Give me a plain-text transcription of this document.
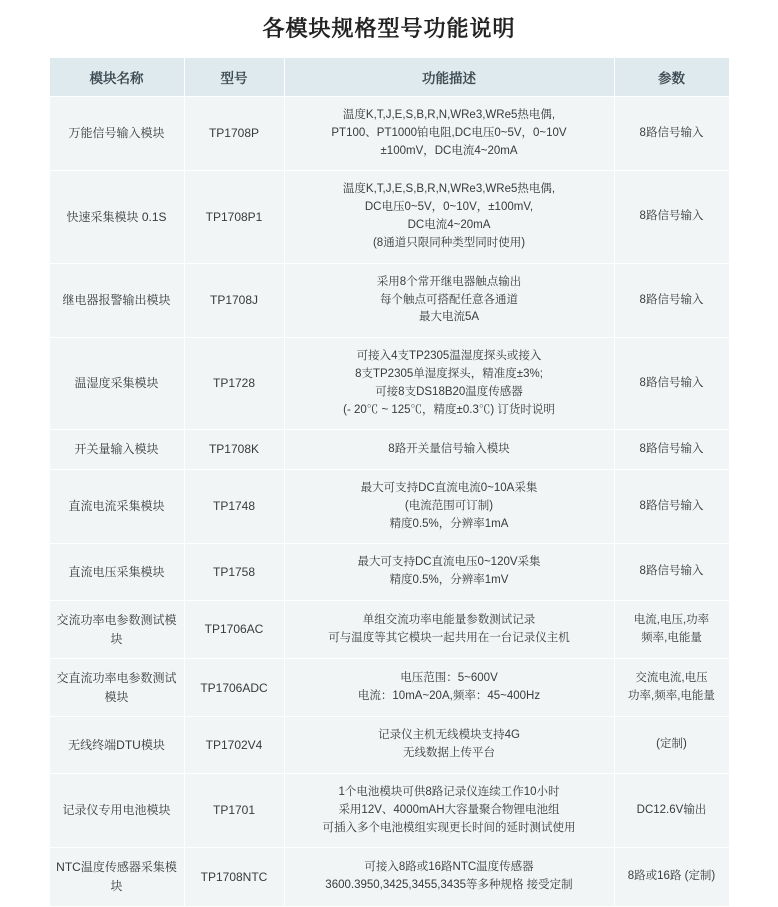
各模块规格型号功能说明
模块名称	型号	功能描述	参数
万能信号输入模块	TP1708P	温度K,T,J,E,S,B,R,N,WRe3,WRe5热电偶,
PT100、PT1000铂电阻,DC电压0~5V，0~10V
±100mV，DC电流4~20mA	8路信号输入

快速采集模块 0.1S	TP1708P1	温度K,T,J,E,S,B,R,N,WRe3,WRe5热电偶,
DC电压0~5V，0~10V，±100mV,
DC电流4~20mA
(8通道只限同种类型同时使用)	8路信号输入

继电器报警输出模块	TP1708J	采用8个常开继电器触点输出
每个触点可搭配任意各通道
最大电流5A	8路信号输入

温湿度采集模块	TP1728	可接入4支TP2305温湿度探头或接入
8支TP2305单湿度探头，精准度±3%;
可接8支DS18B20温度传感器
(- 20℃ ~ 125℃，精度±0.3℃) 订货时说明	8路信号输入

开关量输入模块	TP1708K	8路开关量信号输入模块	8路信号输入

直流电流采集模块	TP1748	最大可支持DC直流电流0~10A采集
(电流范围可订制)
精度0.5%，分辨率1mA	8路信号输入

直流电压采集模块	TP1758	最大可支持DC直流电压0~120V采集
精度0.5%，分辨率1mV	8路信号输入

交流功率电参数测试模块	TP1706AC	单组交流功率电能量参数测试记录
可与温度等其它模块一起共用在一台记录仪主机	电流,电压,功率
频率,电能量

交直流功率电参数测试模块	TP1706ADC	电压范围：5~600V
电流：10mA~20A,频率：45~400Hz	交流电流,电压
功率,频率,电能量

无线终端DTU模块	TP1702V4	记录仪主机无线模块支持4G
无线数据上传平台	(定制)

记录仪专用电池模块	TP1701	1个电池模块可供8路记录仪连续工作10小时
采用12V、4000mAH大容量聚合物锂电池组
可插入多个电池模组实现更长时间的延时测试使用	DC12.6V输出

NTC温度传感器采集模块	TP1708NTC	可接入8路或16路NTC温度传感器
3600.3950,3425,3455,3435等多种规格 接受定制	8路或16路 (定制)
